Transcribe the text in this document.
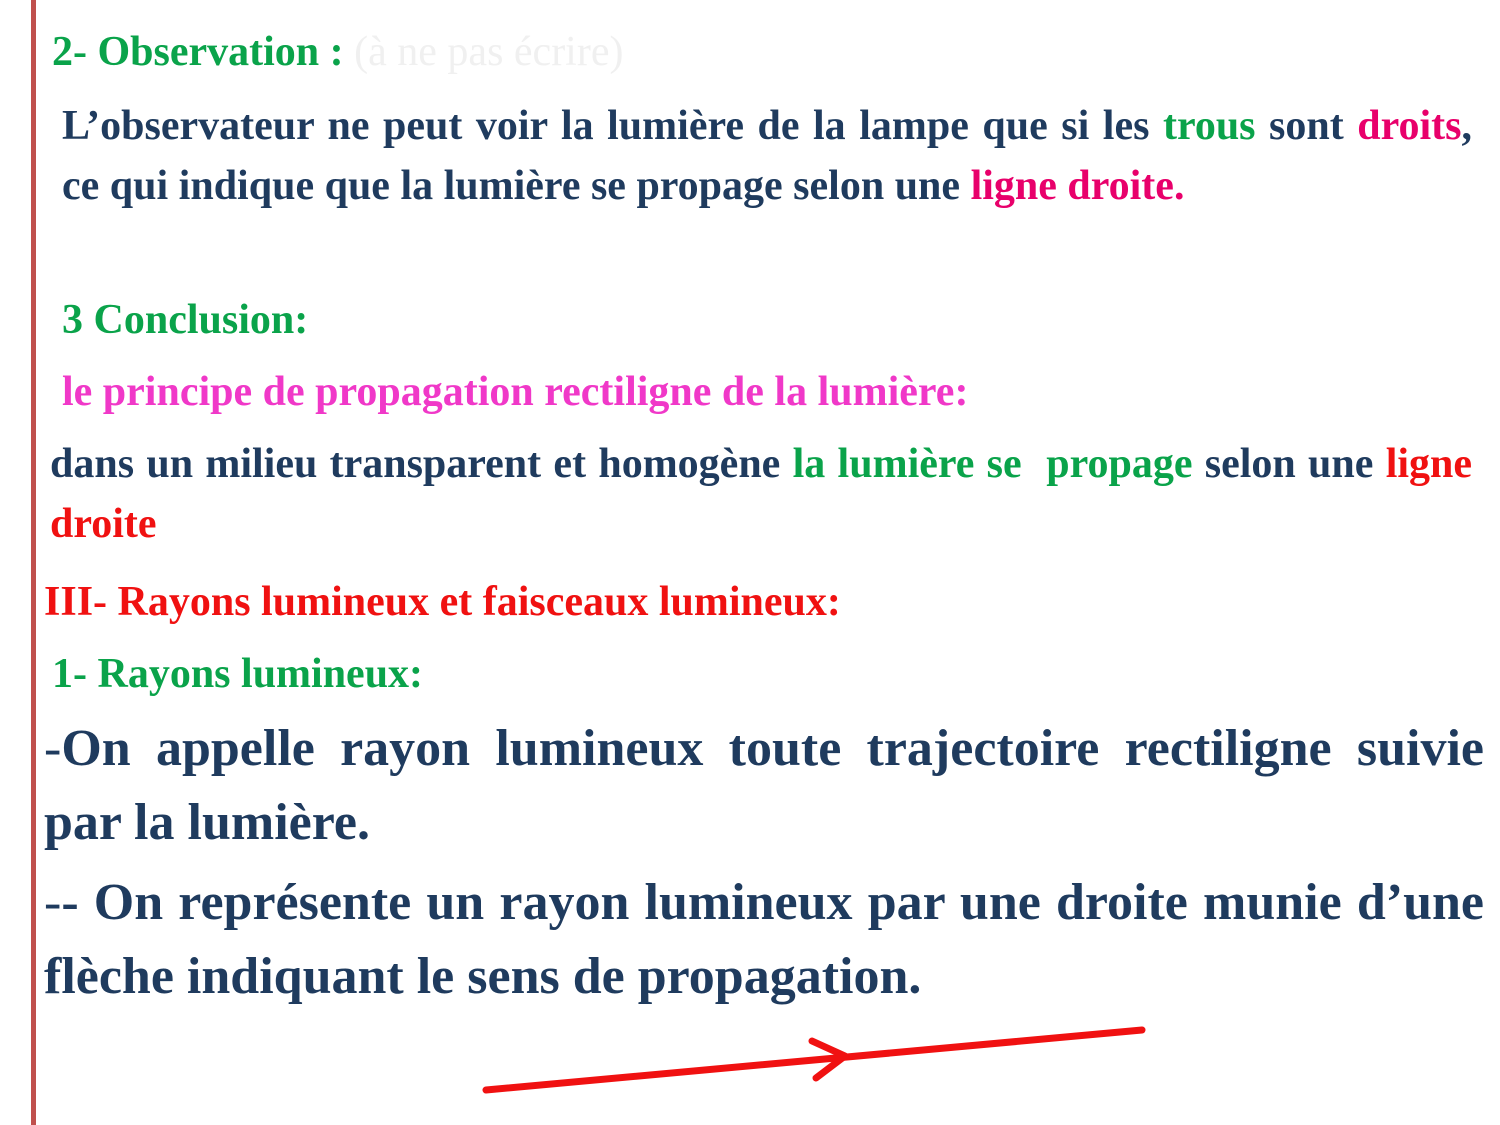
2- Observation : (à ne pas écrire)

L’observateur ne peut voir la lumière de la lampe que si les trous sont droits, ce qui indique que la lumière se propage selon une ligne droite.

3 Conclusion:

le principe de propagation rectiligne de la lumière:

dans un milieu transparent et homogène la lumière se  propage selon une ligne droite

III- Rayons lumineux et faisceaux lumineux:

1- Rayons lumineux:

-On appelle rayon lumineux toute trajectoire rectiligne suivie par la lumière.

-- On représente un rayon lumineux par une droite munie d’une flèche indiquant le sens de propagation.
